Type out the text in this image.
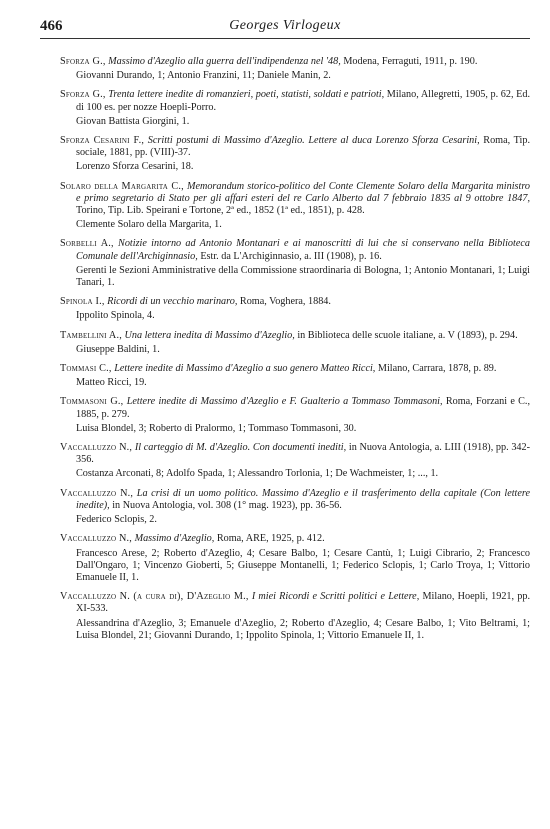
466	Georges Virlogeux

Sforza G., Massimo d'Azeglio alla guerra dell'indipendenza nel '48, Modena, Ferraguti, 1911, p. 190.

Giovanni Durando, 1; Antonio Franzini, 11; Daniele Manin, 2.

Sforza G., Trenta lettere inedite di romanzieri, poeti, statisti, soldati e patrioti, Milano, Allegretti, 1905, p. 62, Ed. di 100 es. per nozze Hoepli-Porro.

Giovan Battista Giorgini, 1.

Sforza Cesarini F., Scritti postumi di Massimo d'Azeglio. Lettere al duca Lorenzo Sforza Cesarini, Roma, Tip. sociale, 1881, pp. (VIII)-37.

Lorenzo Sforza Cesarini, 18.

Solaro della Margarita C., Memorandum storico-politico del Conte Clemente Solaro della Margarita ministro e primo segretario di Stato per gli affari esteri del re Carlo Alberto dal 7 febbraio 1835 al 9 ottobre 1847, Torino, Tip. Lib. Speirani e Tortone, 2ª ed., 1852 (1ª ed., 1851), p. 428.

Clemente Solaro della Margarita, 1.

Sorbelli A., Notizie intorno ad Antonio Montanari e ai manoscritti di lui che si conservano nella Biblioteca Comunale dell'Archiginnasio, Estr. da L'Archiginnasio, a. III (1908), p. 16.

Gerenti le Sezioni Amministrative della Commissione straordinaria di Bologna, 1; Antonio Montanari, 1; Luigi Tanari, 1.

Spinola I., Ricordi di un vecchio marinaro, Roma, Voghera, 1884.

Ippolito Spinola, 4.

Tambellini A., Una lettera inedita di Massimo d'Azeglio, in Biblioteca delle scuole italiane, a. V (1893), p. 294.

Giuseppe Baldini, 1.

Tommasi C., Lettere inedite di Massimo d'Azeglio a suo genero Matteo Ricci, Milano, Carrara, 1878, p. 89.

Matteo Ricci, 19.

Tommasoni G., Lettere inedite di Massimo d'Azeglio e F. Gualterio a Tommaso Tommasoni, Roma, Forzani e C., 1885, p. 279.

Luisa Blondel, 3; Roberto di Pralormo, 1; Tommaso Tommasoni, 30.

Vaccalluzzo N., Il carteggio di M. d'Azeglio. Con documenti inediti, in Nuova Antologia, a. LIII (1918), pp. 342-356.

Costanza Arconati, 8; Adolfo Spada, 1; Alessandro Torlonia, 1; De Wachmeister, 1; ..., 1.

Vaccalluzzo N., La crisi di un uomo politico. Massimo d'Azeglio e il trasferimento della capitale (Con lettere inedite), in Nuova Antologia, vol. 308 (1° mag. 1923), pp. 36-56.

Federico Sclopis, 2.

Vaccalluzzo N., Massimo d'Azeglio, Roma, ARE, 1925, p. 412.

Francesco Arese, 2; Roberto d'Azeglio, 4; Cesare Balbo, 1; Cesare Cantù, 1; Luigi Cibrario, 2; Francesco Dall'Ongaro, 1; Vincenzo Gioberti, 5; Giuseppe Montanelli, 1; Federico Sclopis, 1; Carlo Troya, 1; Vittorio Emanuele II, 1.

Vaccalluzzo N. (a cura di), D'Azeglio M., I miei Ricordi e Scritti politici e Lettere, Milano, Hoepli, 1921, pp. XI-533.

Alessandrina d'Azeglio, 3; Emanuele d'Azeglio, 2; Roberto d'Azeglio, 4; Cesare Balbo, 1; Vito Beltrami, 1; Luisa Blondel, 21; Giovanni Durando, 1; Ippolito Spinola, 1; Vittorio Emanuele II, 1.
